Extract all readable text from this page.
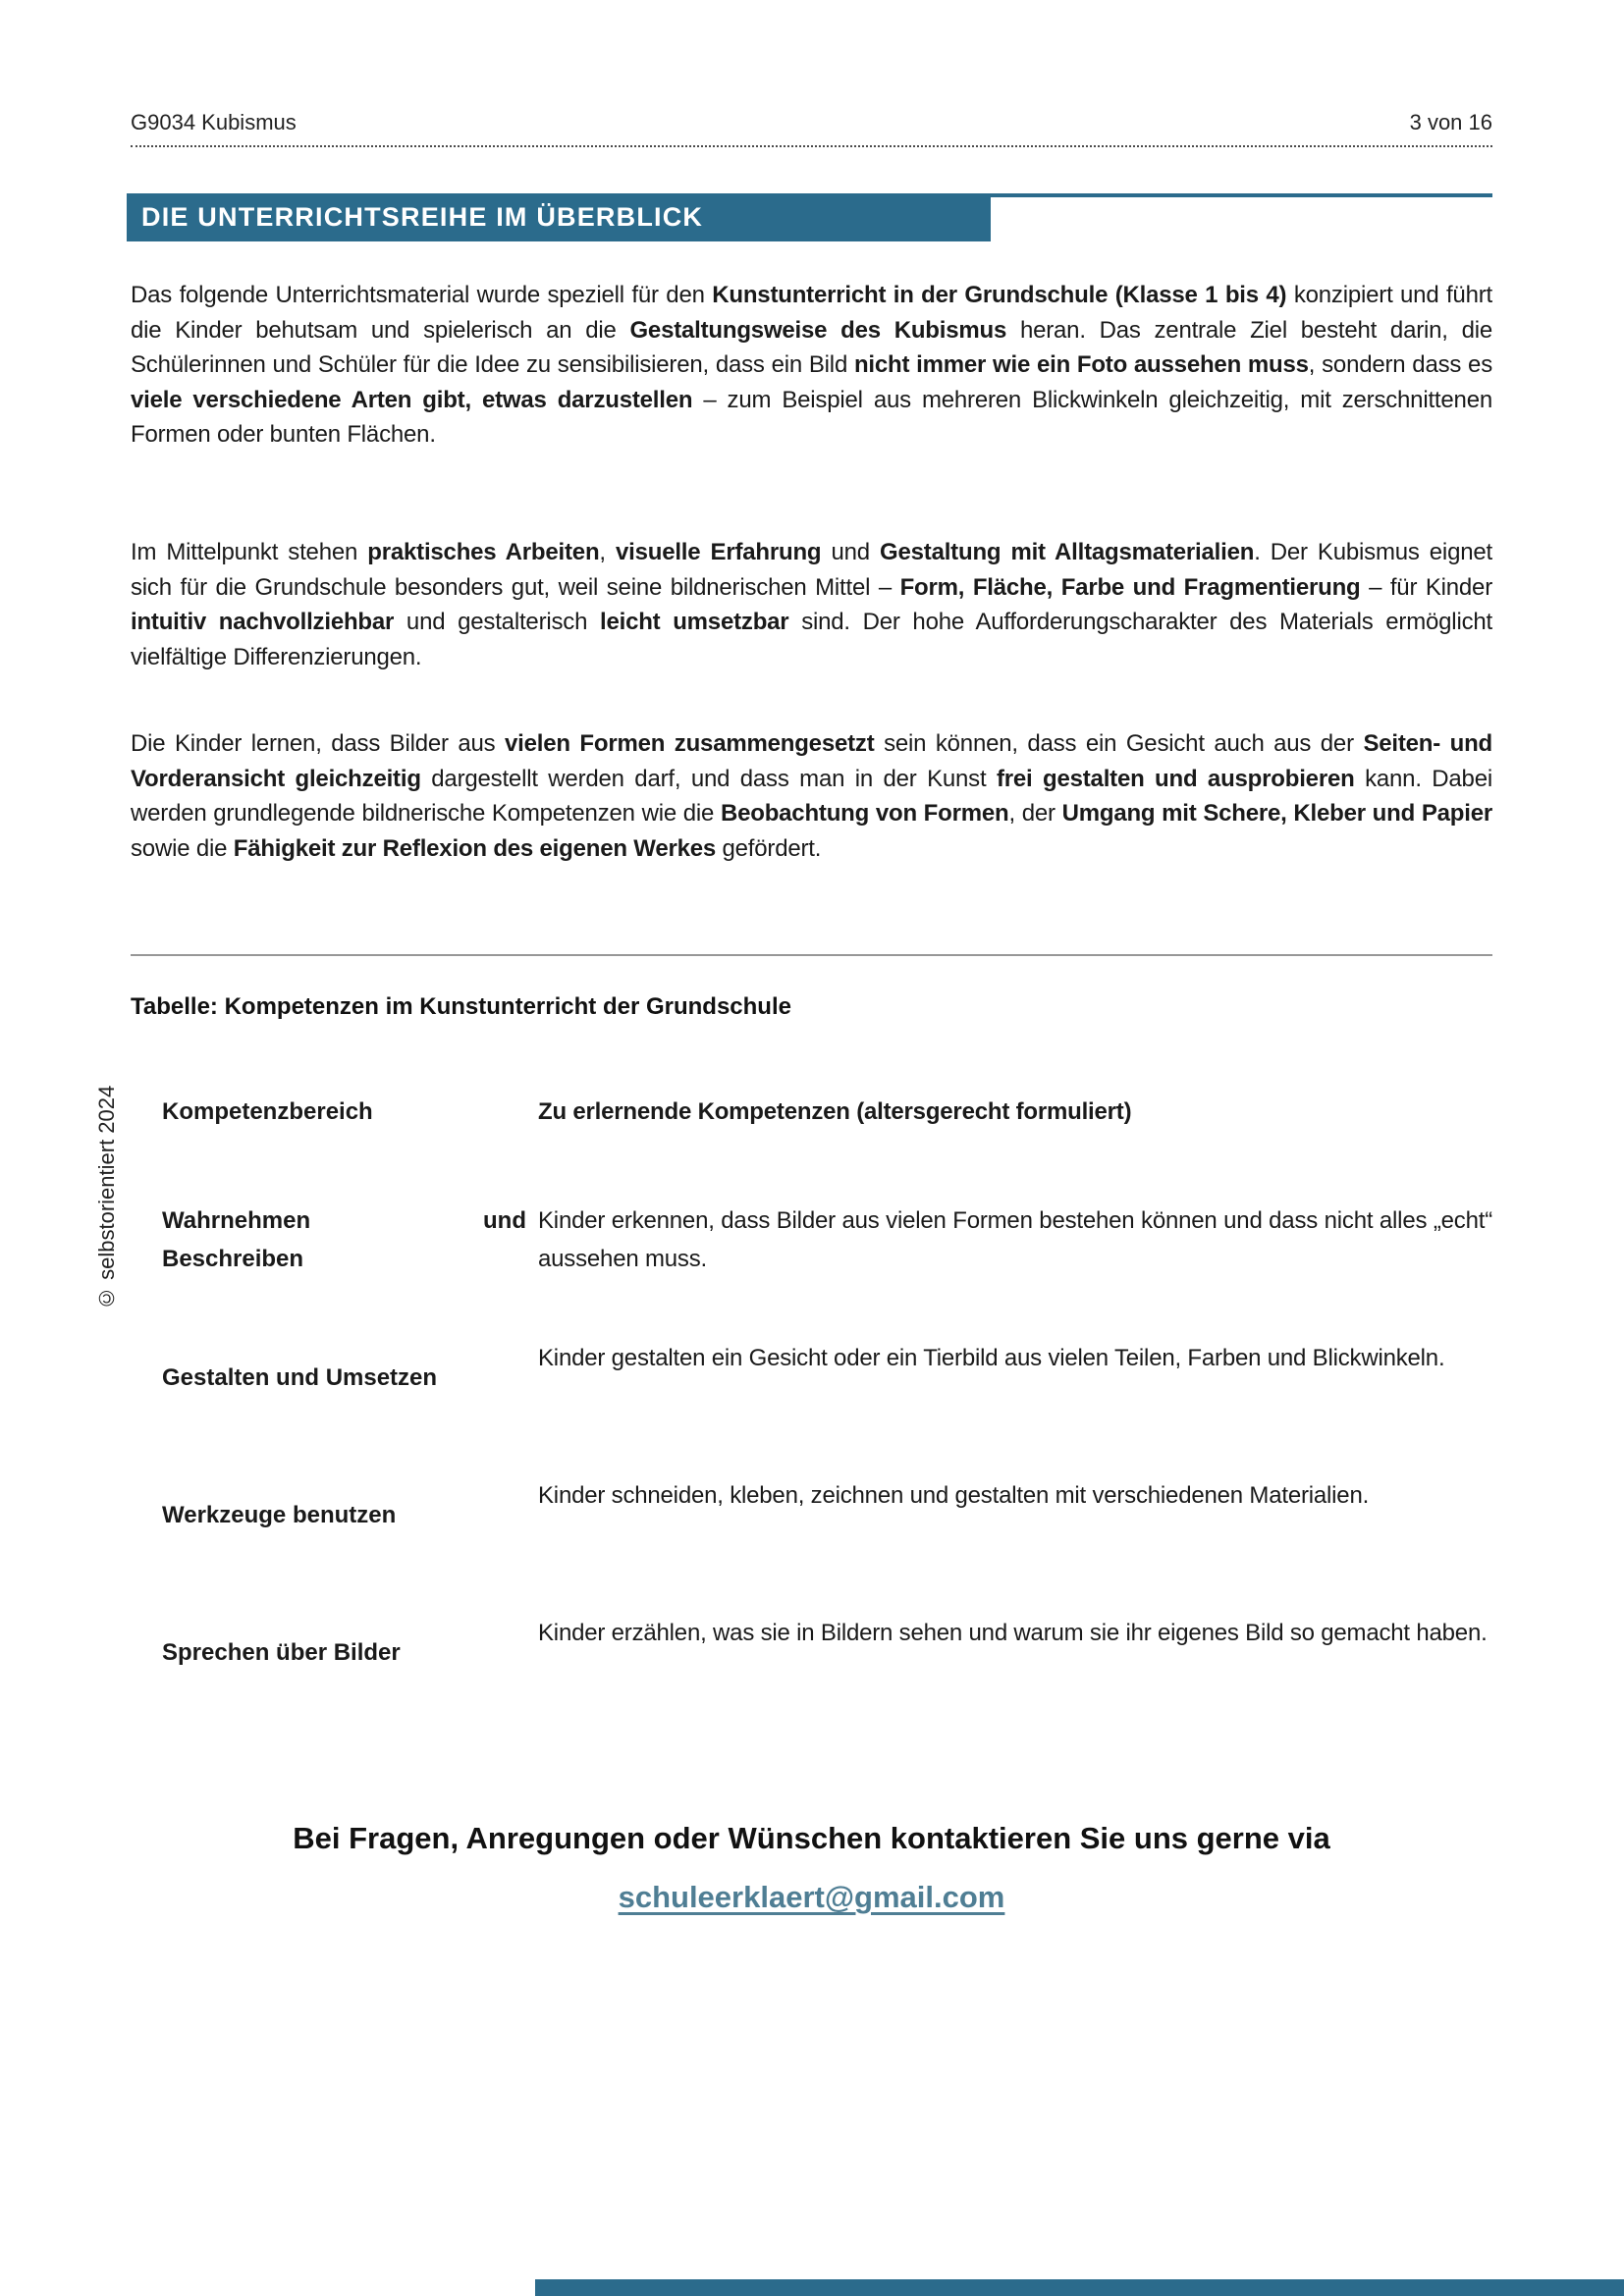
G9034 Kubismus	3 von 16
DIE UNTERRICHTSREIHE IM ÜBERBLICK

Das folgende Unterrichtsmaterial wurde speziell für den Kunstunterricht in der Grundschule (Klasse 1 bis 4) konzipiert und führt die Kinder behutsam und spielerisch an die Gestaltungsweise des Kubismus heran. Das zentrale Ziel besteht darin, die Schülerinnen und Schüler für die Idee zu sensibilisieren, dass ein Bild nicht immer wie ein Foto aussehen muss, sondern dass es viele verschiedene Arten gibt, etwas darzustellen – zum Beispiel aus mehreren Blickwinkeln gleichzeitig, mit zerschnittenen Formen oder bunten Flächen.

Im Mittelpunkt stehen praktisches Arbeiten, visuelle Erfahrung und Gestaltung mit Alltagsmaterialien. Der Kubismus eignet sich für die Grundschule besonders gut, weil seine bildnerischen Mittel – Form, Fläche, Farbe und Fragmentierung – für Kinder intuitiv nachvollziehbar und gestalterisch leicht umsetzbar sind. Der hohe Aufforderungscharakter des Materials ermöglicht vielfältige Differenzierungen.

Die Kinder lernen, dass Bilder aus vielen Formen zusammengesetzt sein können, dass ein Gesicht auch aus der Seiten- und Vorderansicht gleichzeitig dargestellt werden darf, und dass man in der Kunst frei gestalten und ausprobieren kann. Dabei werden grundlegende bildnerische Kompetenzen wie die Beobachtung von Formen, der Umgang mit Schere, Kleber und Papier sowie die Fähigkeit zur Reflexion des eigenen Werkes gefördert.

Tabelle: Kompetenzen im Kunstunterricht der Grundschule
Kompetenzbereich	Zu erlernende Kompetenzen (altersgerecht formuliert)
Wahrnehmen und
Beschreiben
Kinder erkennen, dass Bilder aus vielen Formen bestehen können und dass nicht alles „echt“ aussehen muss.
Gestalten und Umsetzen
Kinder gestalten ein Gesicht oder ein Tierbild aus vielen Teilen, Farben und Blickwinkeln.
Werkzeuge benutzen
Kinder schneiden, kleben, zeichnen und gestalten mit verschiedenen Materialien.
Sprechen über Bilder
Kinder erzählen, was sie in Bildern sehen und warum sie ihr eigenes Bild so gemacht haben.
Bei Fragen, Anregungen oder Wünschen kontaktieren Sie uns gerne via
schuleerklaert@gmail.com
© selbstorientiert 2024
